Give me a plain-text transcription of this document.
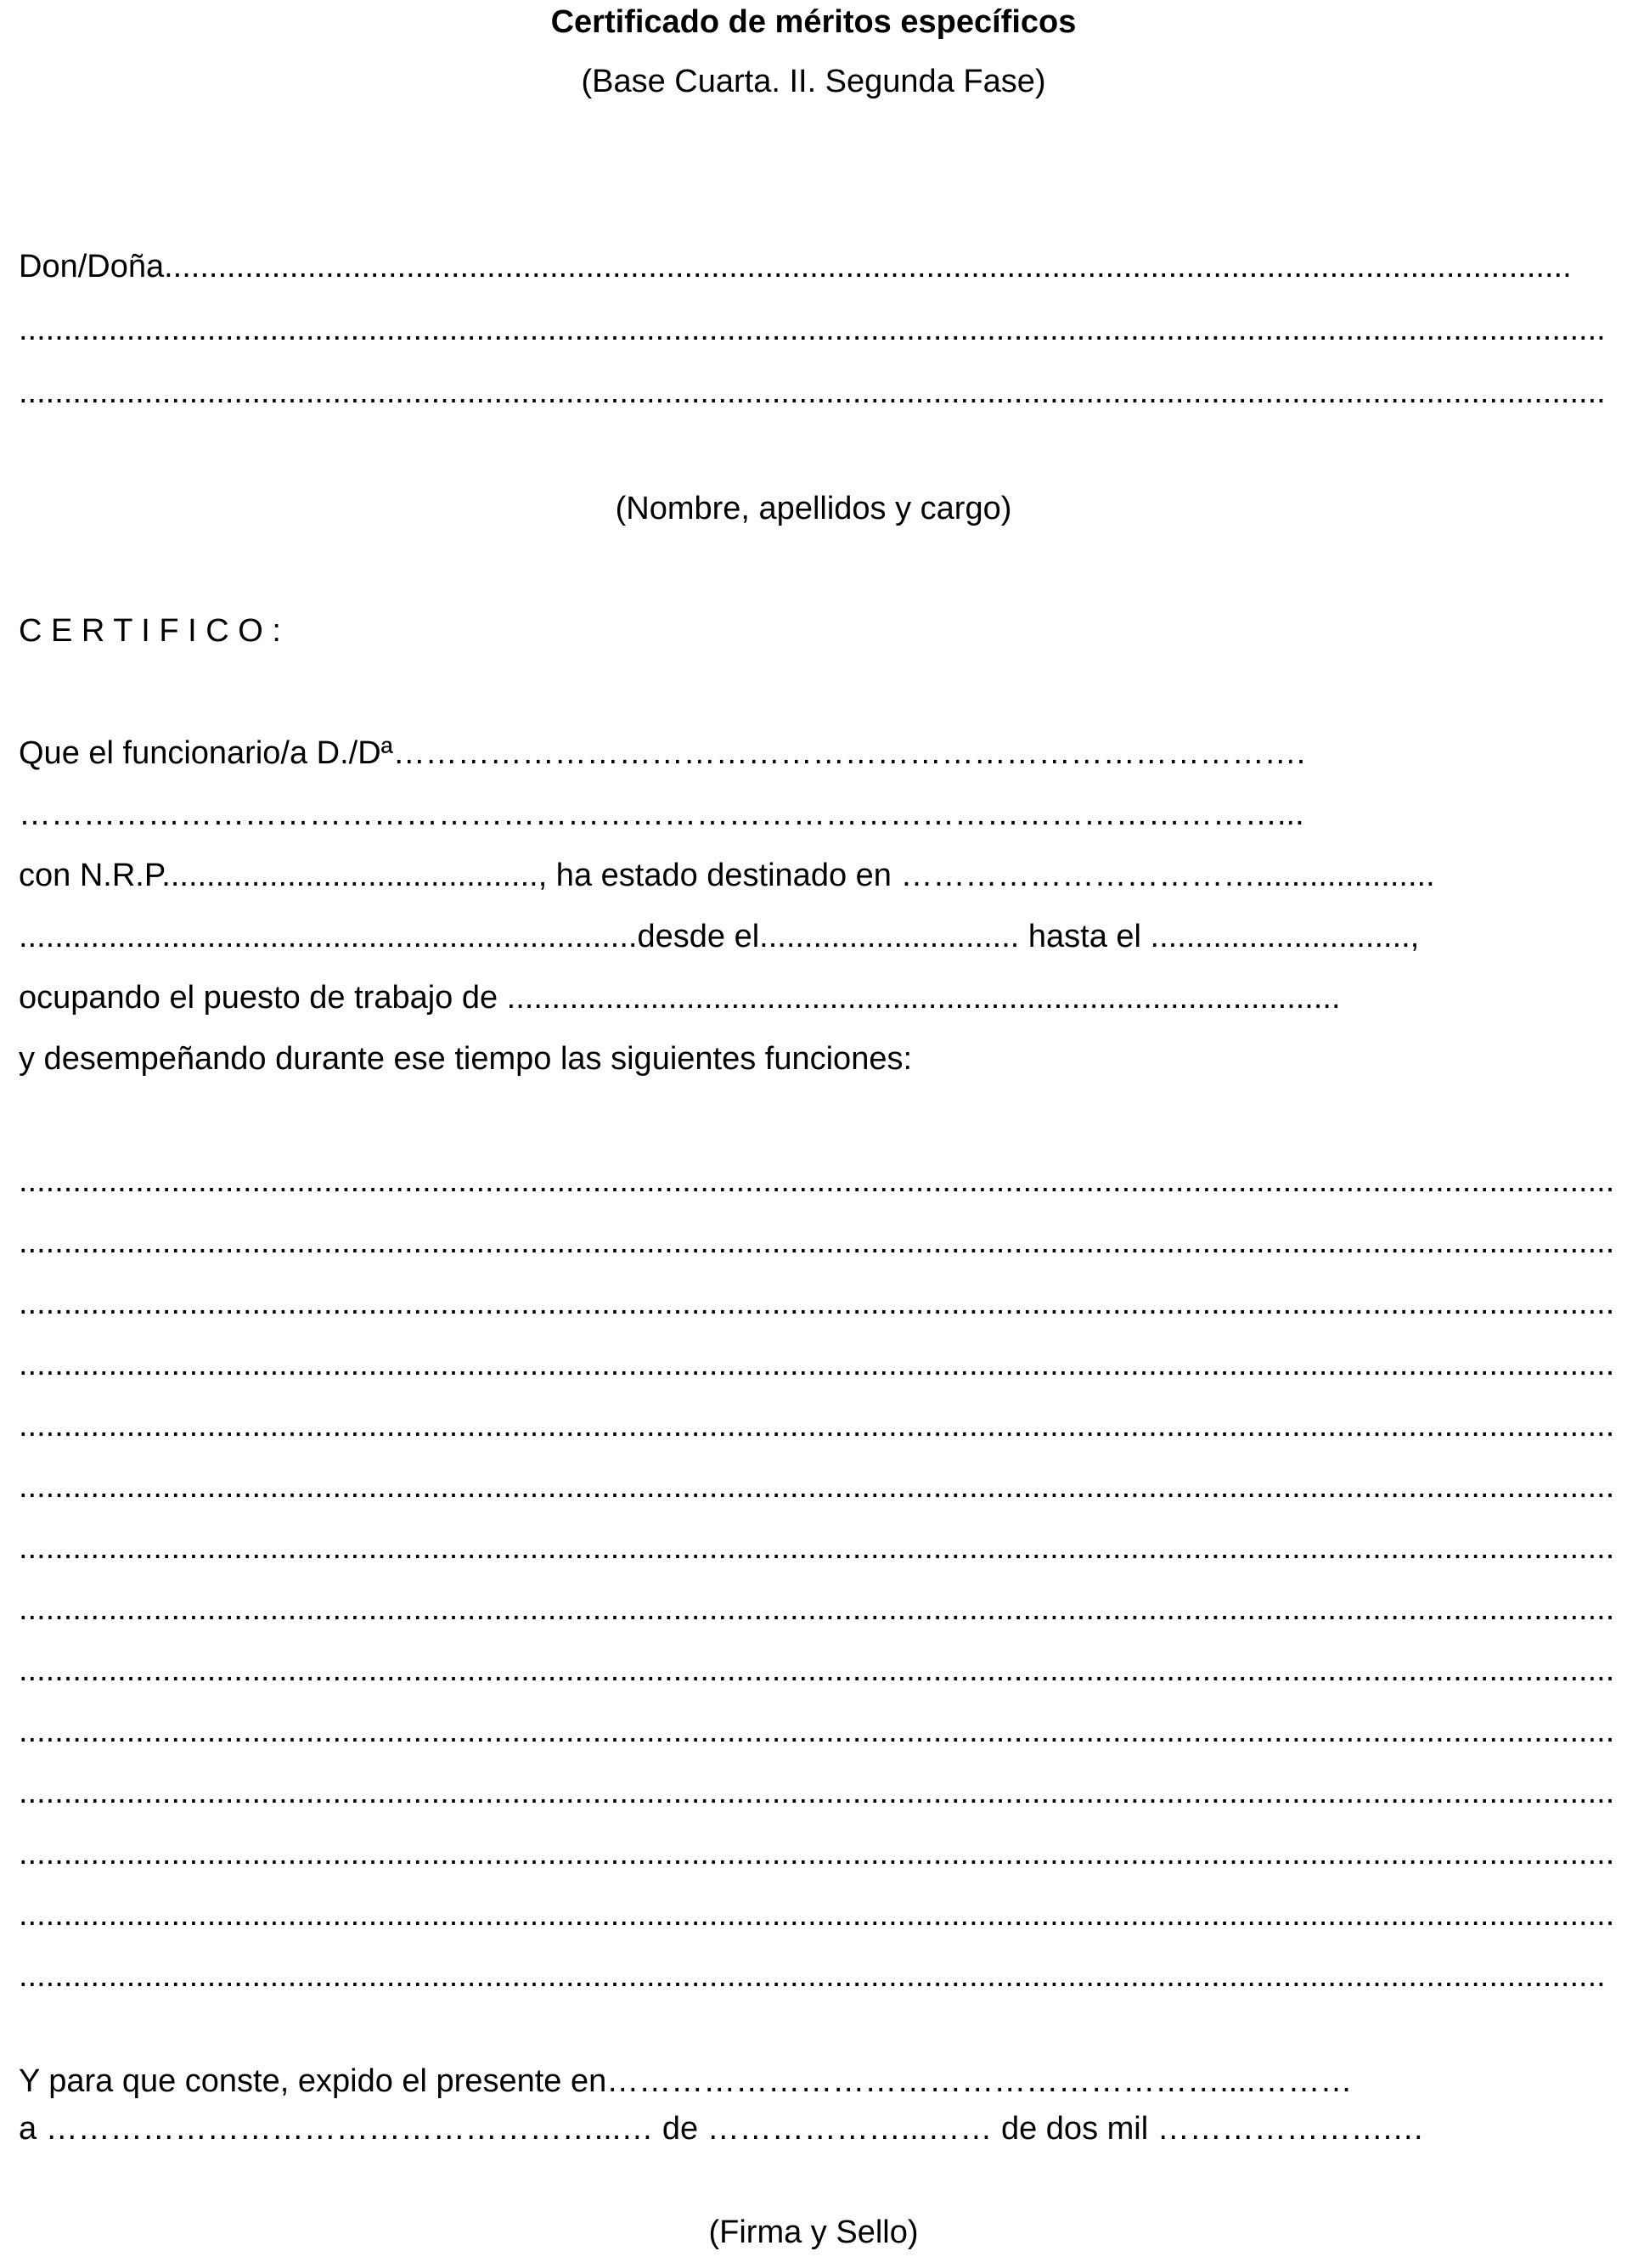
Certificado de méritos específicos
(Base Cuarta. II. Segunda Fase)
Don/Doña.............................................................................................................................................................
.................................................................................................................................................................................
.................................................................................................................................................................................
(Nombre, apellidos y cargo)
C E R T I F I C O :
Que el funcionario/a D./Dª………………………………………………………………………….
………………………………………………………………………………………………………...
con N.R.P.........................................., ha estado destinado en ……………………………....................
.....................................................................desde el............................. hasta el .............................,
ocupando el puesto de trabajo de .............................................................................................
y desempeñando durante ese tiempo las siguientes funciones:
..................................................................................................................................................................................
..................................................................................................................................................................................
..................................................................................................................................................................................
..................................................................................................................................................................................
..................................................................................................................................................................................
..................................................................................................................................................................................
..................................................................................................................................................................................
..................................................................................................................................................................................
..................................................................................................................................................................................
..................................................................................................................................................................................
..................................................................................................................................................................................
..................................................................................................................................................................................
..................................................................................................................................................................................
.................................................................................................................................................................................
Y para que conste, expido el presente en…………………………………………………....………
a ……………………………………………...… de ………………...…… de dos mil ………………….…
(Firma y Sello)
